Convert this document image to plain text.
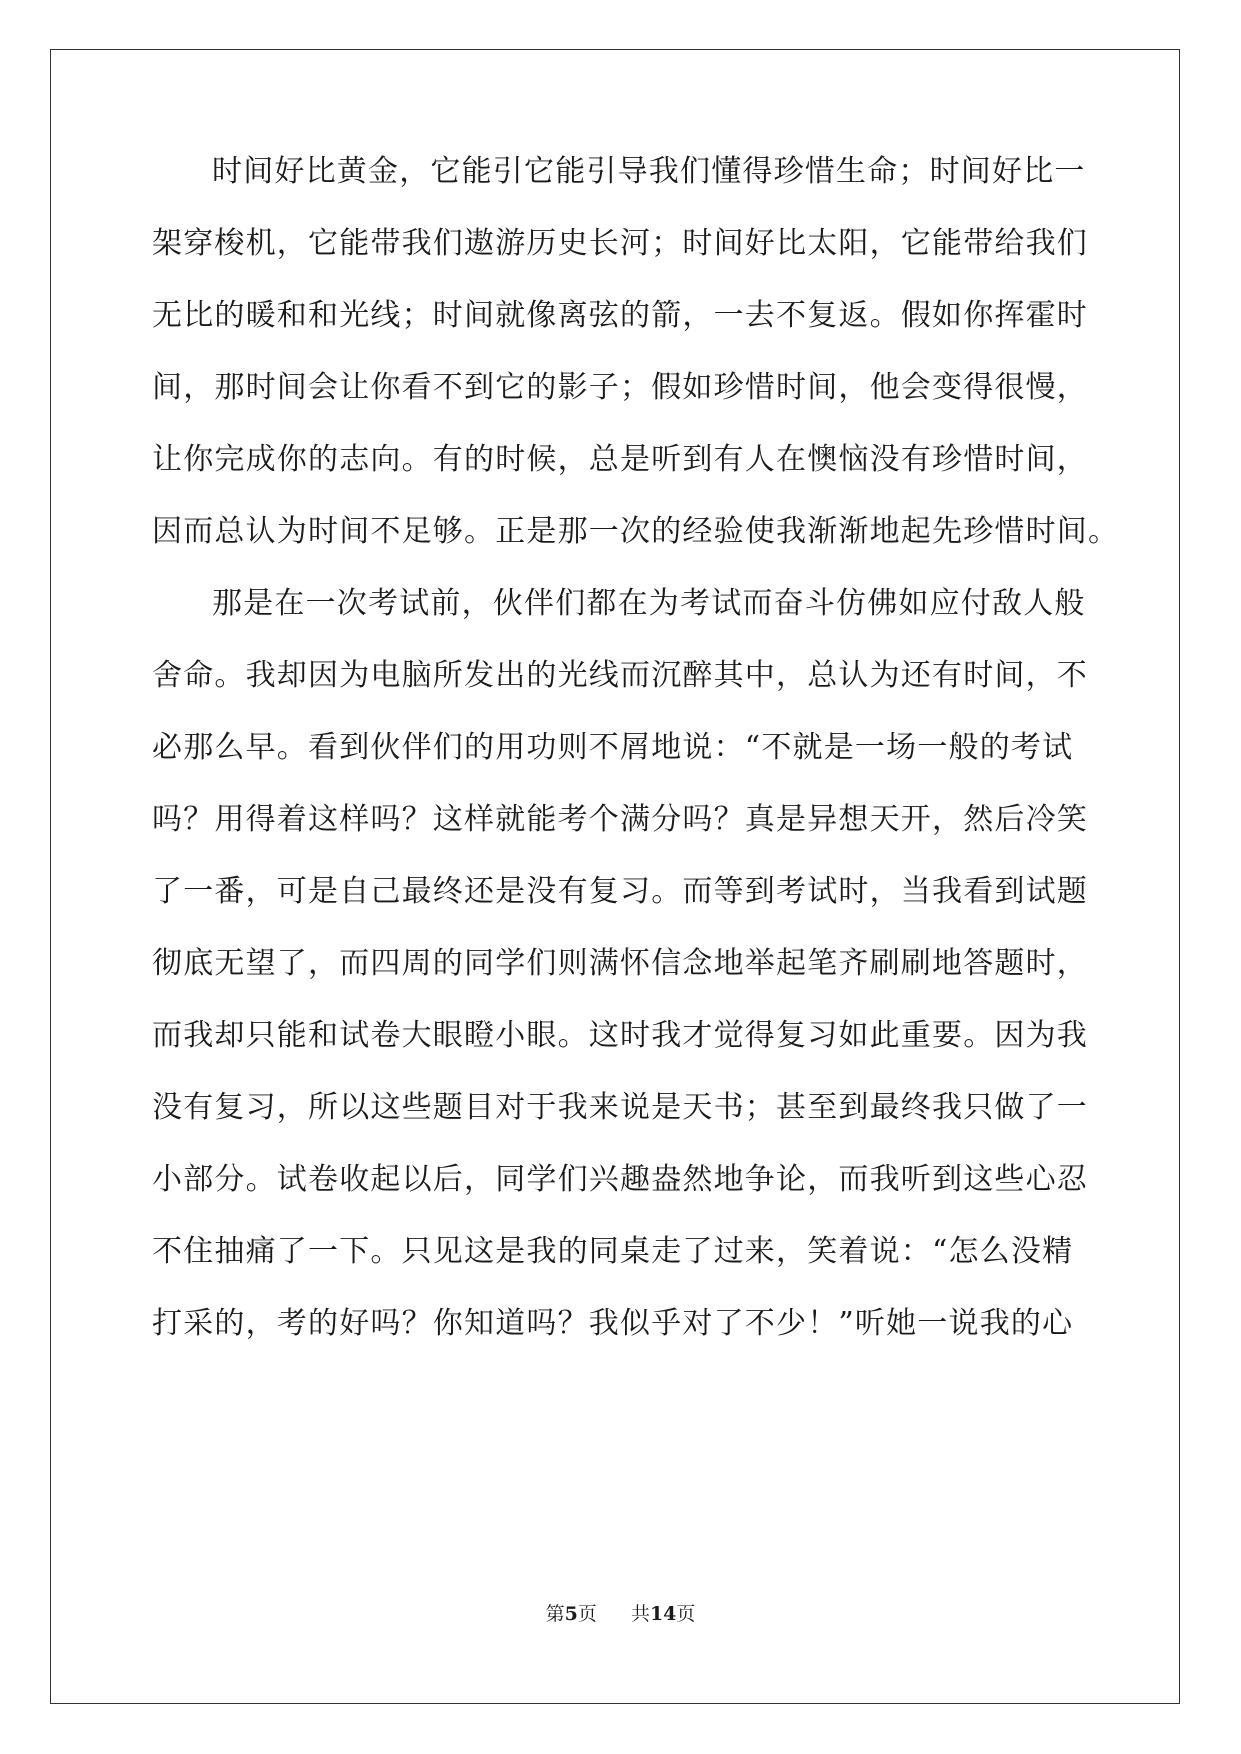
时间好比黄金，它能引它能引导我们懂得珍惜生命；时间好比一
架穿梭机，它能带我们遨游历史长河；时间好比太阳，它能带给我们
无比的暖和和光线；时间就像离弦的箭，一去不复返。假如你挥霍时
间，那时间会让你看不到它的影子；假如珍惜时间，他会变得很慢，
让你完成你的志向。有的时候，总是听到有人在懊恼没有珍惜时间，
因而总认为时间不足够。正是那一次的经验使我渐渐地起先珍惜时间。
那是在一次考试前，伙伴们都在为考试而奋斗仿佛如应付敌人般
舍命。我却因为电脑所发出的光线而沉醉其中，总认为还有时间，不
必那么早。看到伙伴们的用功则不屑地说：“不就是一场一般的考试
吗？用得着这样吗？这样就能考个满分吗？真是异想天开，然后冷笑
了一番，可是自己最终还是没有复习。而等到考试时，当我看到试题
彻底无望了，而四周的同学们则满怀信念地举起笔齐刷刷地答题时，
而我却只能和试卷大眼瞪小眼。这时我才觉得复习如此重要。因为我
没有复习，所以这些题目对于我来说是天书；甚至到最终我只做了一
小部分。试卷收起以后，同学们兴趣盎然地争论，而我听到这些心忍
不住抽痛了一下。只见这是我的同桌走了过来，笑着说：“怎么没精
打采的，考的好吗？你知道吗？我似乎对了不少！”听她一说我的心
第5页 共14页
